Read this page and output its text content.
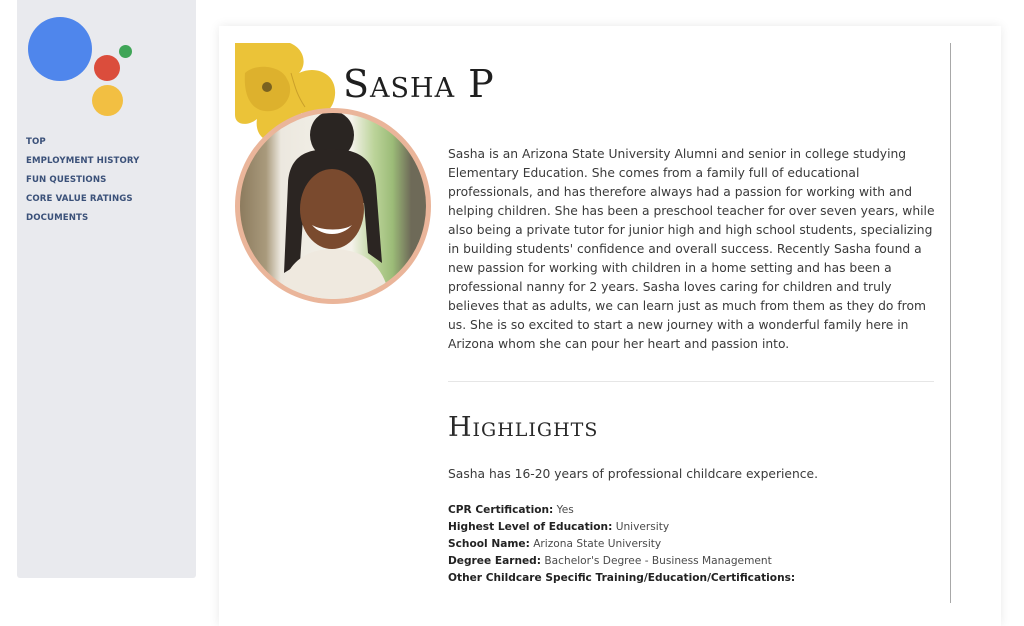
TOP
EMPLOYMENT HISTORY
FUN QUESTIONS
CORE VALUE RATINGS
DOCUMENTS
Sasha P

Sasha is an Arizona State University Alumni and senior in college studying Elementary Education. She comes from a family full of educational professionals, and has therefore always had a passion for working with and helping children. She has been a preschool teacher for over seven years, while also being a private tutor for junior high and high school students, specializing in building students' confidence and overall success. Recently Sasha found a new passion for working with children in a home setting and has been a professional nanny for 2 years. Sasha loves caring for children and truly believes that as adults, we can learn just as much from them as they do from us. She is so excited to start a new journey with a wonderful family here in Arizona whom she can pour her heart and passion into.

Highlights

Sasha has 16-20 years of professional childcare experience.

CPR Certification: Yes
Highest Level of Education: University
School Name: Arizona State University
Degree Earned: Bachelor's Degree - Business Management
Other Childcare Specific Training/Education/Certifications:
